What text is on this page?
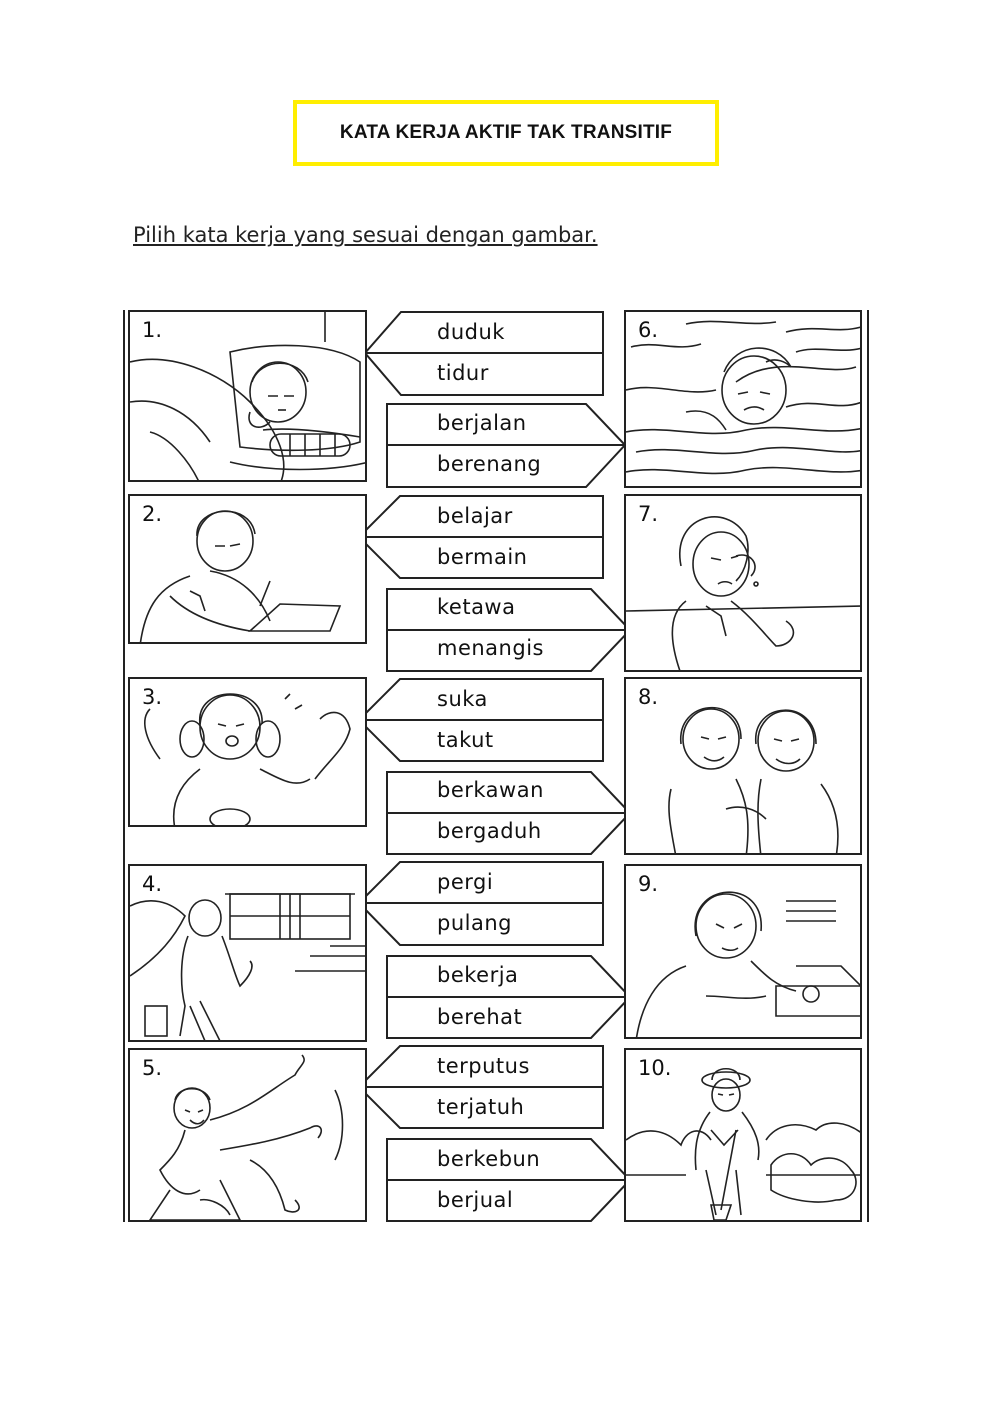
KATA KERJA AKTIF TAK TRANSITIF
Pilih kata kerja yang sesuai dengan gambar.
duduk
tidur
berjalan
berenang
belajar
bermain
ketawa
menangis
suka
takut
berkawan
bergaduh
pergi
pulang
bekerja
berehat
terputus
terjatuh
berkebun
berjual
1.	6.
2.	7.
3.	8.
4.	9.
5.	10.
